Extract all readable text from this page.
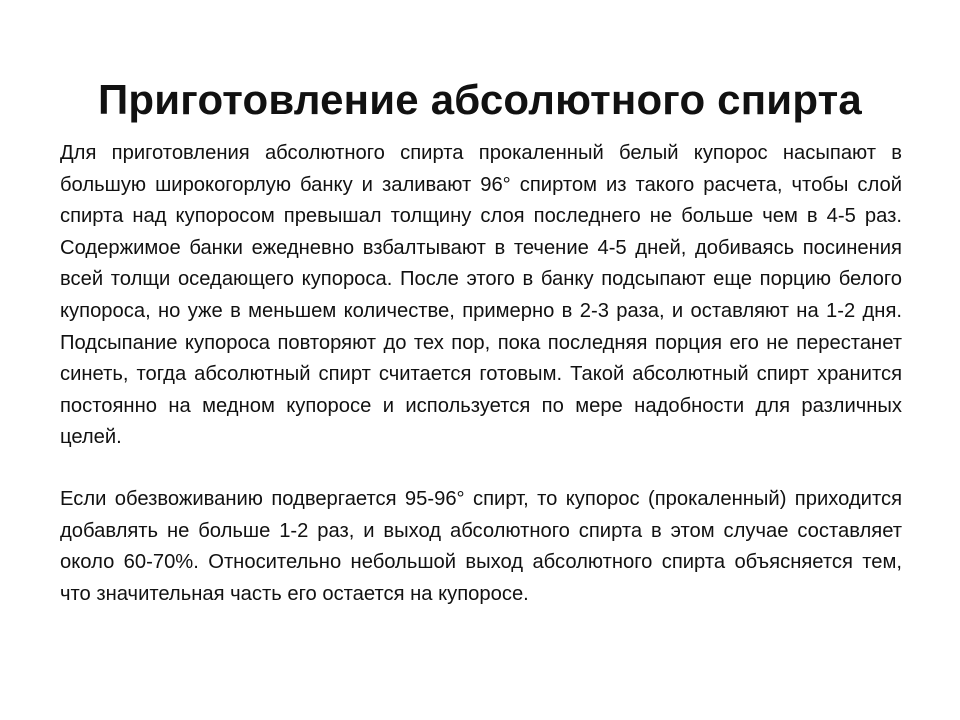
Приготовление абсолютного спирта

Для приготовления абсолютного спирта прокаленный белый купорос насыпают в большую широкогорлую банку и заливают 96° спиртом из такого расчета, чтобы слой спирта над купоросом превышал толщину слоя последнего не больше чем в 4-5 раз. Содержимое банки ежедневно взбалтывают в течение 4-5 дней, добиваясь посинения всей толщи оседающего купороса. После этого в банку подсыпают еще порцию белого купороса, но уже в меньшем количестве, примерно в 2-3 раза, и оставляют на 1-2 дня. Подсыпание купороса повторяют до тех пор, пока последняя порция его не перестанет синеть, тогда абсолютный спирт считается готовым. Такой абсолютный спирт хранится постоянно на медном купоросе и используется по мере надобности для различных целей.

Если обезвоживанию подвергается 95-96° спирт, то купорос (прокаленный) приходится добавлять не больше 1-2 раз, и выход абсолютного спирта в этом случае составляет около 60-70%. Относительно небольшой выход абсолютного спирта объясняется тем, что значительная часть его остается на купоросе.
